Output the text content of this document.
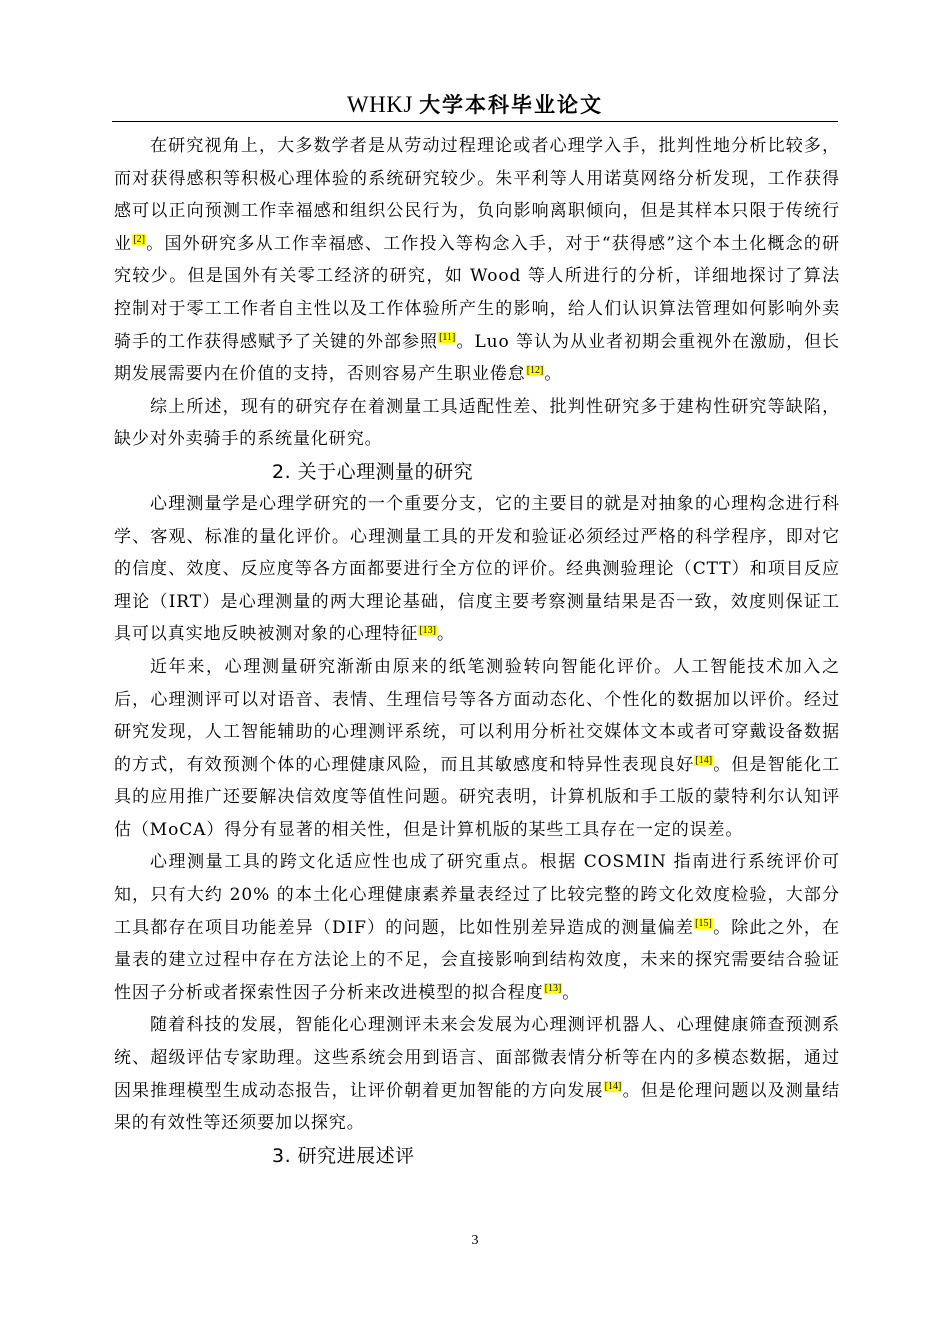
WHKJ 大学本科毕业论文

在研究视角上，大多数学者是从劳动过程理论或者心理学入手，批判性地分析比较多，而对获得感积等积极心理体验的系统研究较少。朱平利等人用诺莫网络分析发现，工作获得感可以正向预测工作幸福感和组织公民行为，负向影响离职倾向，但是其样本只限于传统行业[2]。国外研究多从工作幸福感、工作投入等构念入手，对于“获得感”这个本土化概念的研究较少。但是国外有关零工经济的研究，如 Wood 等人所进行的分析，详细地探讨了算法控制对于零工工作者自主性以及工作体验所产生的影响，给人们认识算法管理如何影响外卖骑手的工作获得感赋予了关键的外部参照[11]。Luo 等认为从业者初期会重视外在激励，但长期发展需要内在价值的支持，否则容易产生职业倦怠[12]。

综上所述，现有的研究存在着测量工具适配性差、批判性研究多于建构性研究等缺陷，缺少对外卖骑手的系统量化研究。

2. 关于心理测量的研究

心理测量学是心理学研究的一个重要分支，它的主要目的就是对抽象的心理构念进行科学、客观、标准的量化评价。心理测量工具的开发和验证必须经过严格的科学程序，即对它的信度、效度、反应度等各方面都要进行全方位的评价。经典测验理论（CTT）和项目反应理论（IRT）是心理测量的两大理论基础，信度主要考察测量结果是否一致，效度则保证工具可以真实地反映被测对象的心理特征[13]。

近年来，心理测量研究渐渐由原来的纸笔测验转向智能化评价。人工智能技术加入之后，心理测评可以对语音、表情、生理信号等各方面动态化、个性化的数据加以评价。经过研究发现，人工智能辅助的心理测评系统，可以利用分析社交媒体文本或者可穿戴设备数据的方式，有效预测个体的心理健康风险，而且其敏感度和特异性表现良好[14]。但是智能化工具的应用推广还要解决信效度等值性问题。研究表明，计算机版和手工版的蒙特利尔认知评估（MoCA）得分有显著的相关性，但是计算机版的某些工具存在一定的误差。

心理测量工具的跨文化适应性也成了研究重点。根据 COSMIN 指南进行系统评价可知，只有大约 20% 的本土化心理健康素养量表经过了比较完整的跨文化效度检验，大部分工具都存在项目功能差异（DIF）的问题，比如性别差异造成的测量偏差[15]。除此之外，在量表的建立过程中存在方法论上的不足，会直接影响到结构效度，未来的探究需要结合验证性因子分析或者探索性因子分析来改进模型的拟合程度[13]。

随着科技的发展，智能化心理测评未来会发展为心理测评机器人、心理健康筛查预测系统、超级评估专家助理。这些系统会用到语言、面部微表情分析等在内的多模态数据，通过因果推理模型生成动态报告，让评价朝着更加智能的方向发展[14]。但是伦理问题以及测量结果的有效性等还须要加以探究。

3. 研究进展述评

3
